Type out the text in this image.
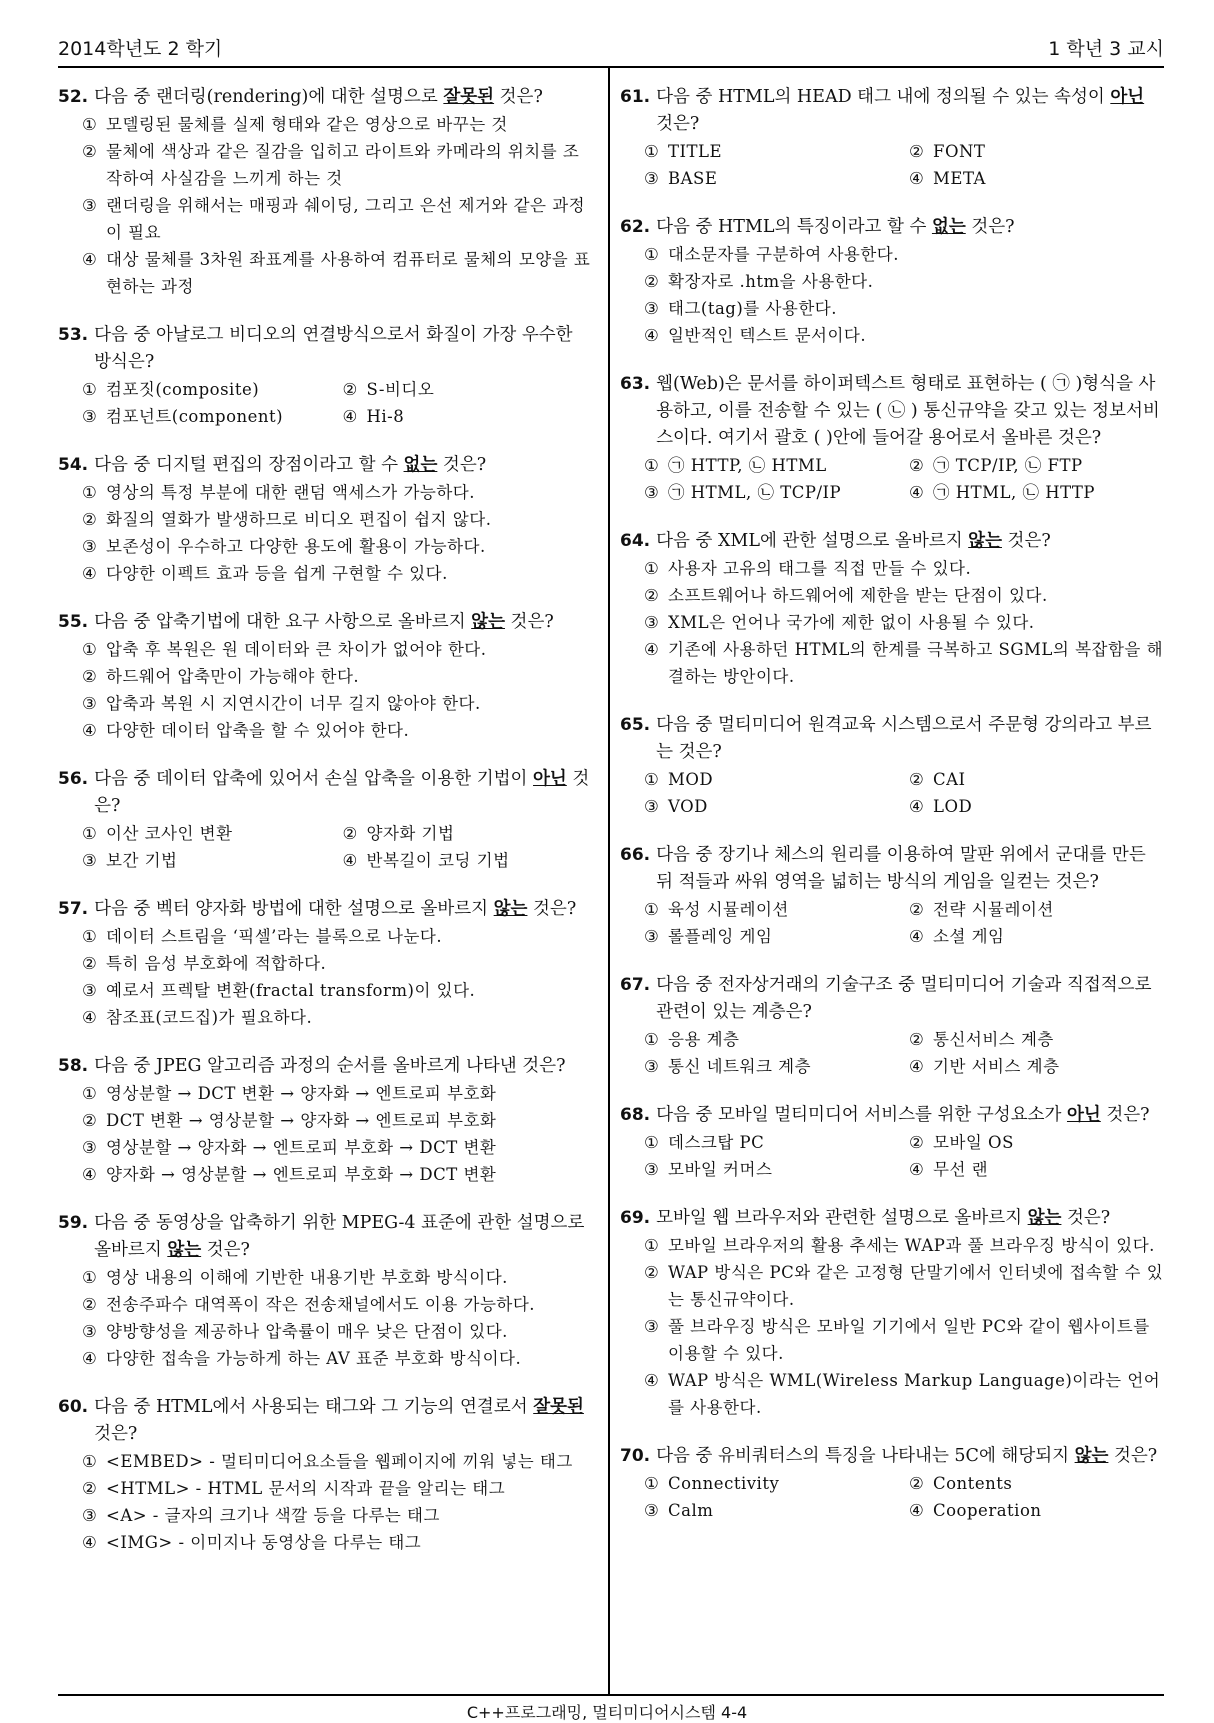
2014학년도 2 학기	1 학년 3 교시
52. 다음 중 랜더링(rendering)에 대한 설명으로 잘못된 것은?
① 모델링된 물체를 실제 형태와 같은 영상으로 바꾸는 것
② 물체에 색상과 같은 질감을 입히고 라이트와 카메라의 위치를 조작하여 사실감을 느끼게 하는 것
③ 랜더링을 위해서는 매핑과 쉐이딩, 그리고 은선 제거와 같은 과정이 필요
④ 대상 물체를 3차원 좌표계를 사용하여 컴퓨터로 물체의 모양을 표현하는 과정
53. 다음 중 아날로그 비디오의 연결방식으로서 화질이 가장 우수한 방식은?
① 컴포짓(composite)	② S-비디오
③ 컴포넌트(component)	④ Hi-8
54. 다음 중 디지털 편집의 장점이라고 할 수 없는 것은?
① 영상의 특정 부분에 대한 랜덤 액세스가 가능하다.
② 화질의 열화가 발생하므로 비디오 편집이 쉽지 않다.
③ 보존성이 우수하고 다양한 용도에 활용이 가능하다.
④ 다양한 이펙트 효과 등을 쉽게 구현할 수 있다.
55. 다음 중 압축기법에 대한 요구 사항으로 올바르지 않는 것은?
① 압축 후 복원은 원 데이터와 큰 차이가 없어야 한다.
② 하드웨어 압축만이 가능해야 한다.
③ 압축과 복원 시 지연시간이 너무 길지 않아야 한다.
④ 다양한 데이터 압축을 할 수 있어야 한다.
56. 다음 중 데이터 압축에 있어서 손실 압축을 이용한 기법이 아닌 것은?
① 이산 코사인 변환	② 양자화 기법
③ 보간 기법	④ 반복길이 코딩 기법
57. 다음 중 벡터 양자화 방법에 대한 설명으로 올바르지 않는 것은?
① 데이터 스트림을 ‘픽셀’라는 블록으로 나눈다.
② 특히 음성 부호화에 적합하다.
③ 예로서 프렉탈 변환(fractal transform)이 있다.
④ 참조표(코드집)가 필요하다.
58. 다음 중 JPEG 알고리즘 과정의 순서를 올바르게 나타낸 것은?
① 영상분할 → DCT 변환 → 양자화 → 엔트로피 부호화
② DCT 변환 → 영상분할 → 양자화 → 엔트로피 부호화
③ 영상분할 → 양자화 → 엔트로피 부호화 → DCT 변환
④ 양자화 → 영상분할 → 엔트로피 부호화 → DCT 변환
59. 다음 중 동영상을 압축하기 위한 MPEG-4 표준에 관한 설명으로 올바르지 않는 것은?
① 영상 내용의 이해에 기반한 내용기반 부호화 방식이다.
② 전송주파수 대역폭이 작은 전송채널에서도 이용 가능하다.
③ 양방향성을 제공하나 압축률이 매우 낮은 단점이 있다.
④ 다양한 접속을 가능하게 하는 AV 표준 부호화 방식이다.
60. 다음 중 HTML에서 사용되는 태그와 그 기능의 연결로서 잘못된 것은?
① <EMBED> - 멀티미디어요소들을 웹페이지에 끼워 넣는 태그
② <HTML> - HTML 문서의 시작과 끝을 알리는 태그
③ <A> - 글자의 크기나 색깔 등을 다루는 태그
④ <IMG> - 이미지나 동영상을 다루는 태그
61. 다음 중 HTML의 HEAD 태그 내에 정의될 수 있는 속성이 아닌 것은?
① TITLE	② FONT
③ BASE	④ META
62. 다음 중 HTML의 특징이라고 할 수 없는 것은?
① 대소문자를 구분하여 사용한다.
② 확장자로 .htm을 사용한다.
③ 태그(tag)를 사용한다.
④ 일반적인 텍스트 문서이다.
63. 웹(Web)은 문서를 하이퍼텍스트 형태로 표현하는 ( ㉠ )형식을 사용하고, 이를 전송할 수 있는 ( ㉡ ) 통신규약을 갖고 있는 정보서비스이다. 여기서 괄호 ( )안에 들어갈 용어로서 올바른 것은?
① ㉠ HTTP, ㉡ HTML	② ㉠ TCP/IP, ㉡ FTP
③ ㉠ HTML, ㉡ TCP/IP	④ ㉠ HTML, ㉡ HTTP
64. 다음 중 XML에 관한 설명으로 올바르지 않는 것은?
① 사용자 고유의 태그를 직접 만들 수 있다.
② 소프트웨어나 하드웨어에 제한을 받는 단점이 있다.
③ XML은 언어나 국가에 제한 없이 사용될 수 있다.
④ 기존에 사용하던 HTML의 한계를 극복하고 SGML의 복잡함을 해결하는 방안이다.
65. 다음 중 멀티미디어 원격교육 시스템으로서 주문형 강의라고 부르는 것은?
① MOD	② CAI
③ VOD	④ LOD
66. 다음 중 장기나 체스의 원리를 이용하여 말판 위에서 군대를 만든 뒤 적들과 싸워 영역을 넓히는 방식의 게임을 일컫는 것은?
① 육성 시뮬레이션	② 전략 시뮬레이션
③ 롤플레잉 게임	④ 소셜 게임
67. 다음 중 전자상거래의 기술구조 중 멀티미디어 기술과 직접적으로 관련이 있는 계층은?
① 응용 계층	② 통신서비스 계층
③ 통신 네트워크 계층	④ 기반 서비스 계층
68. 다음 중 모바일 멀티미디어 서비스를 위한 구성요소가 아닌 것은?
① 데스크탑 PC	② 모바일 OS
③ 모바일 커머스	④ 무선 랜
69. 모바일 웹 브라우저와 관련한 설명으로 올바르지 않는 것은?
① 모바일 브라우저의 활용 추세는 WAP과 풀 브라우징 방식이 있다.
② WAP 방식은 PC와 같은 고정형 단말기에서 인터넷에 접속할 수 있는 통신규약이다.
③ 풀 브라우징 방식은 모바일 기기에서 일반 PC와 같이 웹사이트를 이용할 수 있다.
④ WAP 방식은 WML(Wireless Markup Language)이라는 언어를 사용한다.
70. 다음 중 유비쿼터스의 특징을 나타내는 5C에 해당되지 않는 것은?
① Connectivity	② Contents
③ Calm	④ Cooperation
C++프로그래밍, 멀티미디어시스템 4-4
